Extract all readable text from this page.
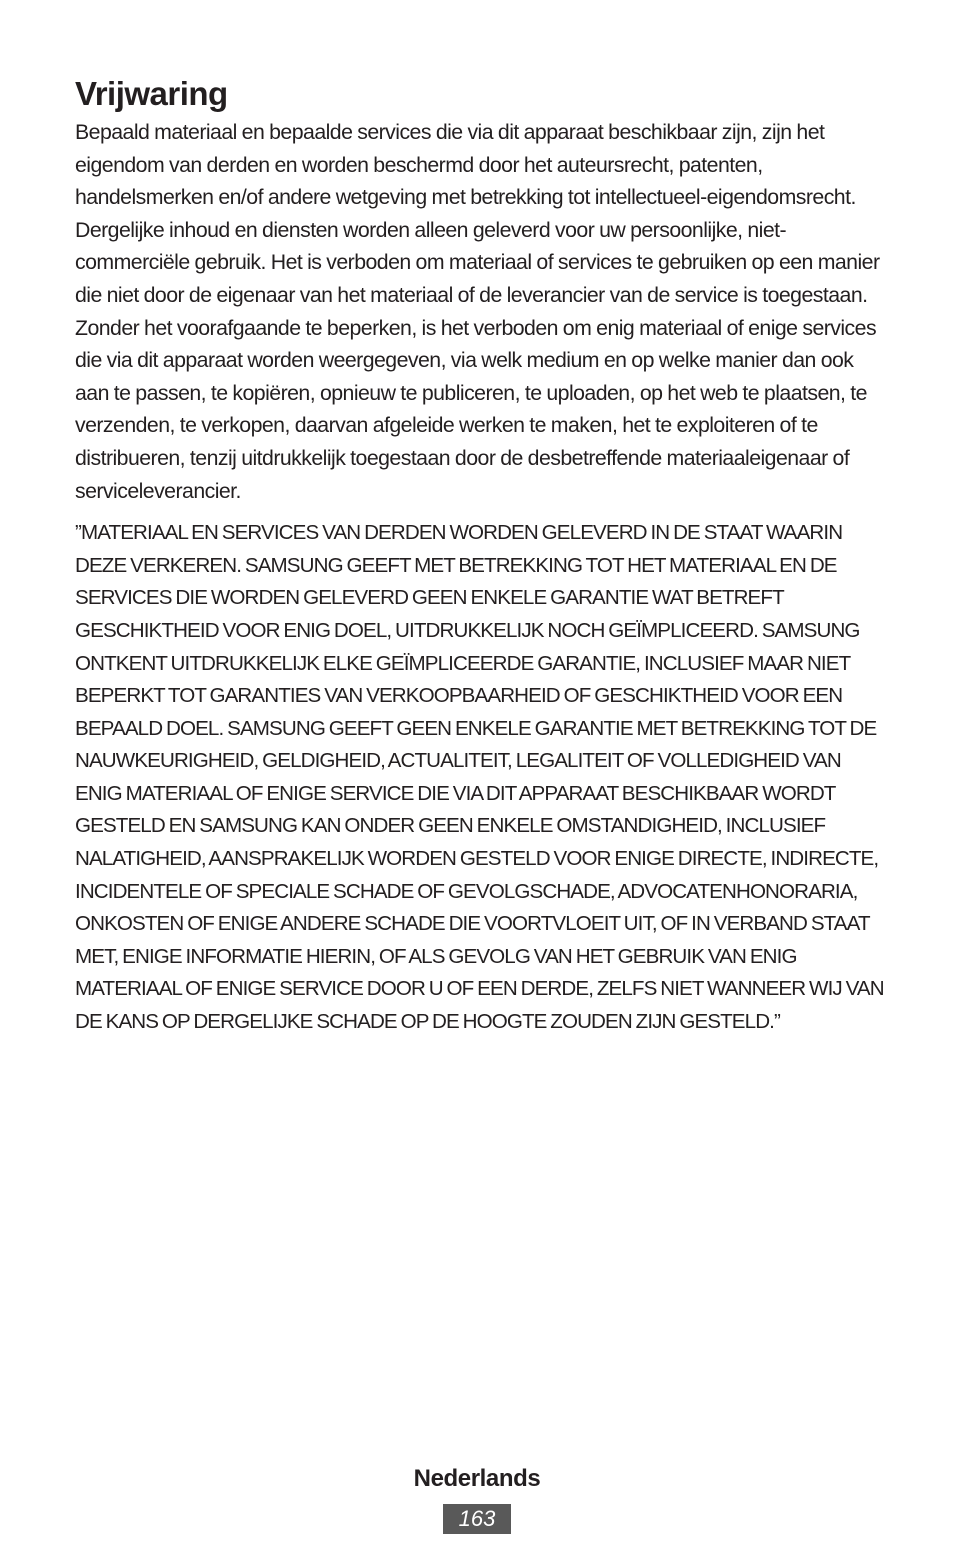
Vrijwaring

Bepaald materiaal en bepaalde services die via dit apparaat beschikbaar zijn, zijn het eigendom van derden en worden beschermd door het auteursrecht, patenten, handelsmerken en/of andere wetgeving met betrekking tot intellectueel-eigendomsrecht. Dergelijke inhoud en diensten worden alleen geleverd voor uw persoonlijke, niet-commerciële gebruik. Het is verboden om materiaal of services te gebruiken op een manier die niet door de eigenaar van het materiaal of de leverancier van de service is toegestaan. Zonder het voorafgaande te beperken, is het verboden om enig materiaal of enige services die via dit apparaat worden weergegeven, via welk medium en op welke manier dan ook aan te passen, te kopiëren, opnieuw te publiceren, te uploaden, op het web te plaatsen, te verzenden, te verkopen, daarvan afgeleide werken te maken, het te exploiteren of te distribueren, tenzij uitdrukkelijk toegestaan door de desbetreffende materiaaleigenaar of serviceleverancier.

”MATERIAAL EN SERVICES VAN DERDEN WORDEN GELEVERD IN DE STAAT WAARIN DEZE VERKEREN. SAMSUNG GEEFT MET BETREKKING TOT HET MATERIAAL EN DE SERVICES DIE WORDEN GELEVERD GEEN ENKELE GARANTIE WAT BETREFT GESCHIKTHEID VOOR ENIG DOEL, UITDRUKKELIJK NOCH GEÏMPLICEERD. SAMSUNG ONTKENT UITDRUKKELIJK ELKE GEÏMPLICEERDE GARANTIE, INCLUSIEF MAAR NIET BEPERKT TOT GARANTIES VAN VERKOOPBAARHEID OF GESCHIKTHEID VOOR EEN BEPAALD DOEL. SAMSUNG GEEFT GEEN ENKELE GARANTIE MET BETREKKING TOT DE NAUWKEURIGHEID, GELDIGHEID, ACTUALITEIT, LEGALITEIT OF VOLLEDIGHEID VAN ENIG MATERIAAL OF ENIGE SERVICE DIE VIA DIT APPARAAT BESCHIKBAAR WORDT GESTELD EN SAMSUNG KAN ONDER GEEN ENKELE OMSTANDIGHEID, INCLUSIEF NALATIGHEID, AANSPRAKELIJK WORDEN GESTELD VOOR ENIGE DIRECTE, INDIRECTE, INCIDENTELE OF SPECIALE SCHADE OF GEVOLGSCHADE, ADVOCATENHONORARIA, ONKOSTEN OF ENIGE ANDERE SCHADE DIE VOORTVLOEIT UIT, OF IN VERBAND STAAT MET, ENIGE INFORMATIE HIERIN, OF ALS GEVOLG VAN HET GEBRUIK VAN ENIG MATERIAAL OF ENIGE SERVICE DOOR U OF EEN DERDE, ZELFS NIET WANNEER WIJ VAN DE KANS OP DERGELIJKE SCHADE OP DE HOOGTE ZOUDEN ZIJN GESTELD.”

Nederlands
163
